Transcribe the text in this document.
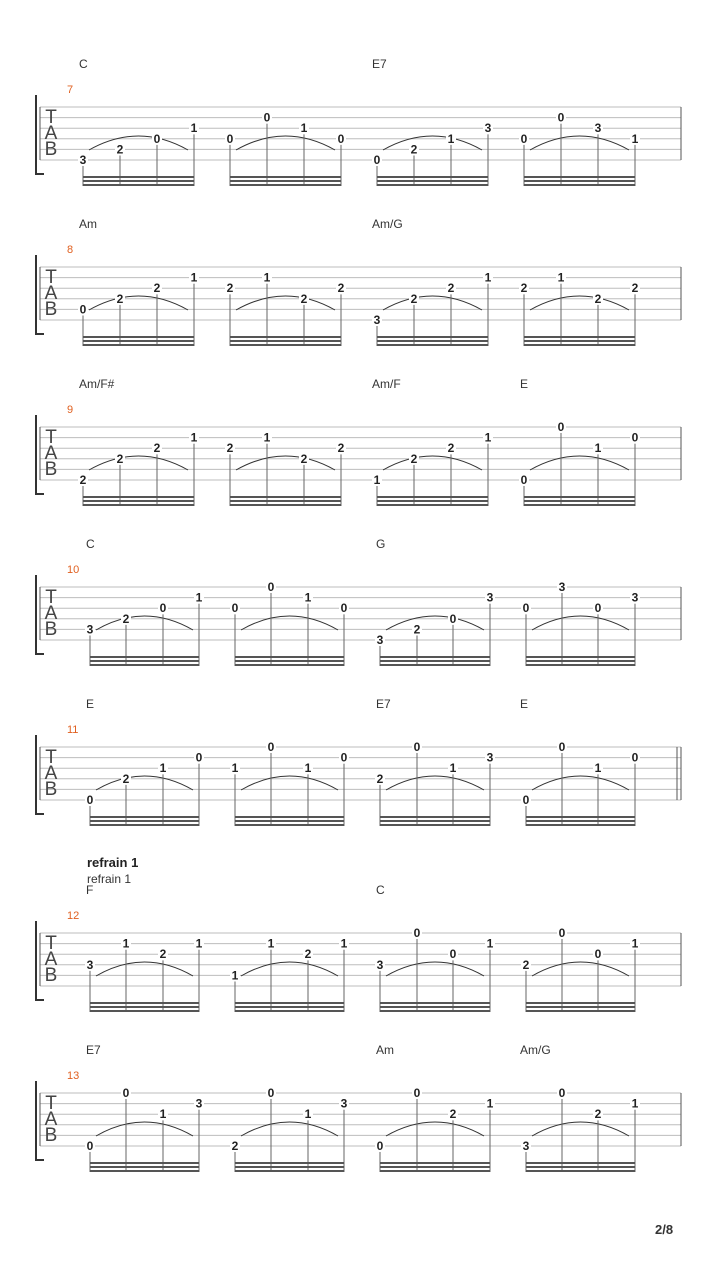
7
C	E7
T
A
B 3
2
0
1
0
0
1
0
0
2
1
3
0
0
3
1
8
Am	Am/G
T
A
B 0
2
2
1
2
1
2
2
3
2
2
1
2
1
2
2
9
Am/F#	Am/F	E
T
A
B 2
2
2
1
2
1
2
2
1
2
2
1
0
0
1
0
10
C	G
T
A
B 3
2
0
1
0
0
1
0
3
2
0
3
0
3
0
3
11
E	E7	E
T
A
B 0
2
1
0
1
0
1
0
2
0
1
3
0
0
1
0
12
F	C
T
A
B
3
1
2
1
1
1
2
1
3
0
0
1
2
0
0
1
13
E7	Am	Am/G
T
A
B 0
0
1
3
2
0
1
3
0
0
2
1
3
0
2
1
refrain 1
refrain 1
2/8
